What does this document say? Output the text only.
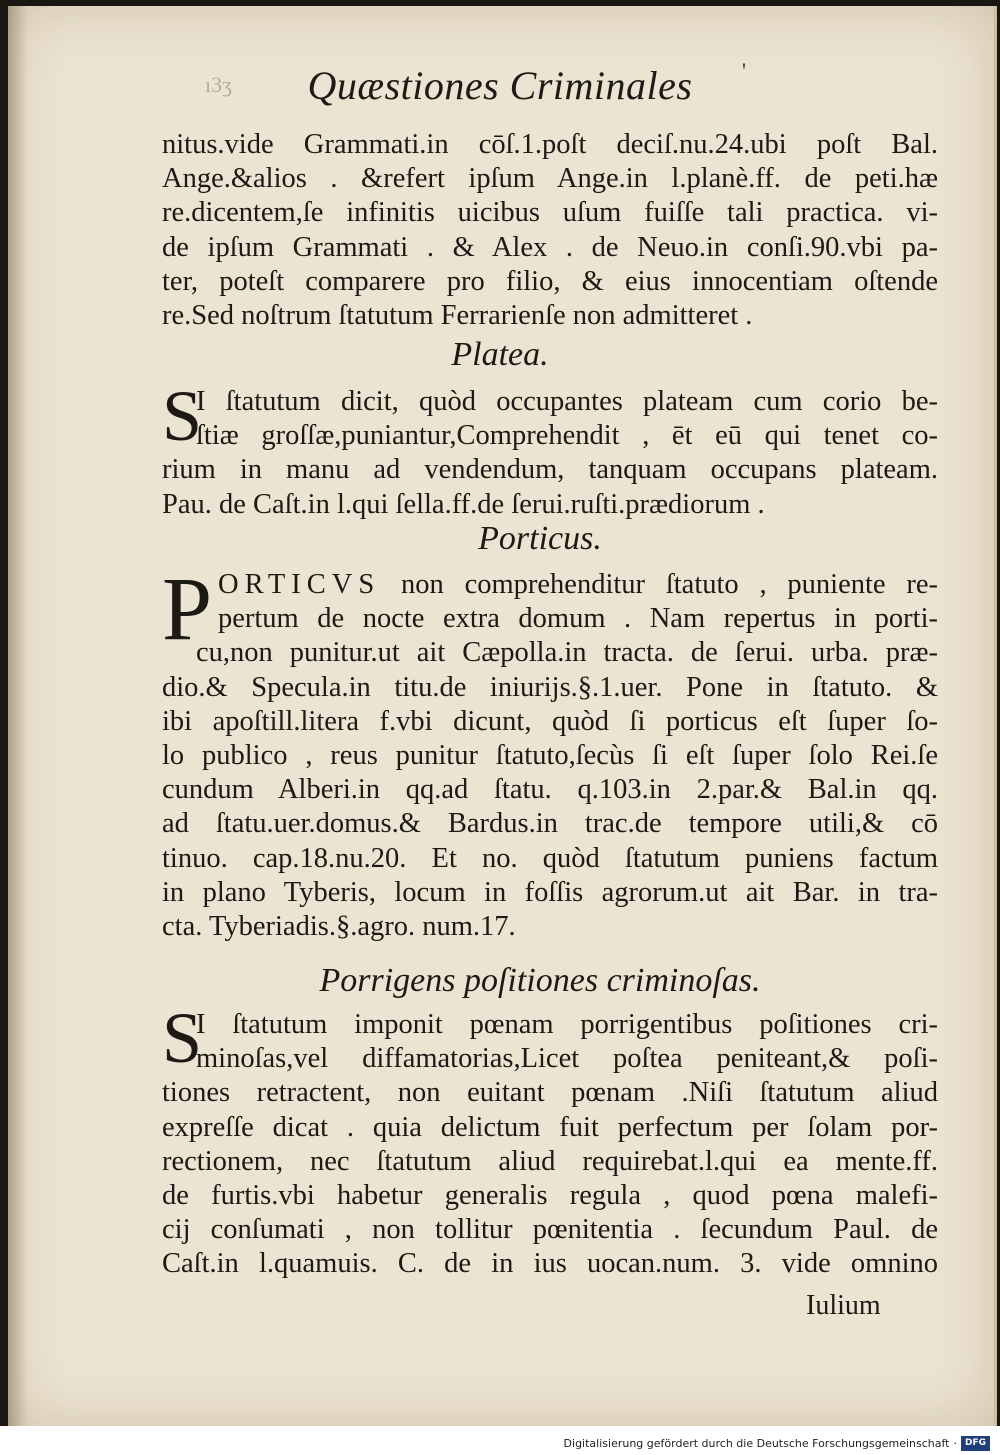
ı3ʒ	Quæstiones Criminales	'
nitus.vide Grammati.in cōſ.1.poſt deciſ.nu.24.ubi poſt Bal.
Ange.&alios . &refert ipſum Ange.in l.planè.ff. de peti.hæ
re.dicentem,ſe infinitis uicibus uſum fuiſſe tali practica. vi-
de ipſum Grammati . & Alex . de Neuo.in conſi.90.vbi pa-
ter, poteſt comparere pro filio, & eius innocentiam oſtende
re.Sed noſtrum ſtatutum Ferrarienſe non admitteret .
Platea.
S
I ſtatutum dicit, quòd occupantes plateam cum corio be-
ſtiæ groſſæ,puniantur,Comprehendit , ēt eū qui tenet co-
rium in manu ad vendendum, tanquam occupans plateam.
Pau. de Caſt.in l.qui ſella.ff.de ſerui.ruſti.prædiorum .
Porticus.
P ORTICVS non comprehenditur ſtatuto , puniente re-
pertum de nocte extra domum . Nam repertus in porti-
cu,non punitur.ut ait Cæpolla.in tracta. de ſerui. urba. præ-
dio.& Specula.in titu.de iniurijs.§.1.uer. Pone in ſtatuto. &
ibi apoſtill.litera f.vbi dicunt, quòd ſi porticus eſt ſuper ſo-
lo publico , reus punitur ſtatuto,ſecùs ſi eſt ſuper ſolo Rei.ſe
cundum Alberi.in qq.ad ſtatu. q.103.in 2.par.& Bal.in qq.
ad ſtatu.uer.domus.& Bardus.in trac.de tempore utili,& cō
tinuo. cap.18.nu.20. Et no. quòd ſtatutum puniens factum
in plano Tyberis, locum in foſſis agrorum.ut ait Bar. in tra-
cta. Tyberiadis.§.agro. num.17.
Porrigens poſitiones criminoſas.
S
I ſtatutum imponit pœnam porrigentibus poſitiones cri-
minoſas,vel diffamatorias,Licet poſtea peniteant,& poſi-
tiones retractent, non euitant pœnam .Niſi ſtatutum aliud
expreſſe dicat . quia delictum fuit perfectum per ſolam por-
rectionem, nec ſtatutum aliud requirebat.l.qui ea mente.ff.
de furtis.vbi habetur generalis regula , quod pœna malefi-
cij conſumati , non tollitur pœnitentia . ſecundum Paul. de
Caſt.in l.quamuis. C. de in ius uocan.num. 3. vide omnino
Iulium
Digitalisierung gefördert durch die Deutsche Forschungsgemeinschaft · DFG
